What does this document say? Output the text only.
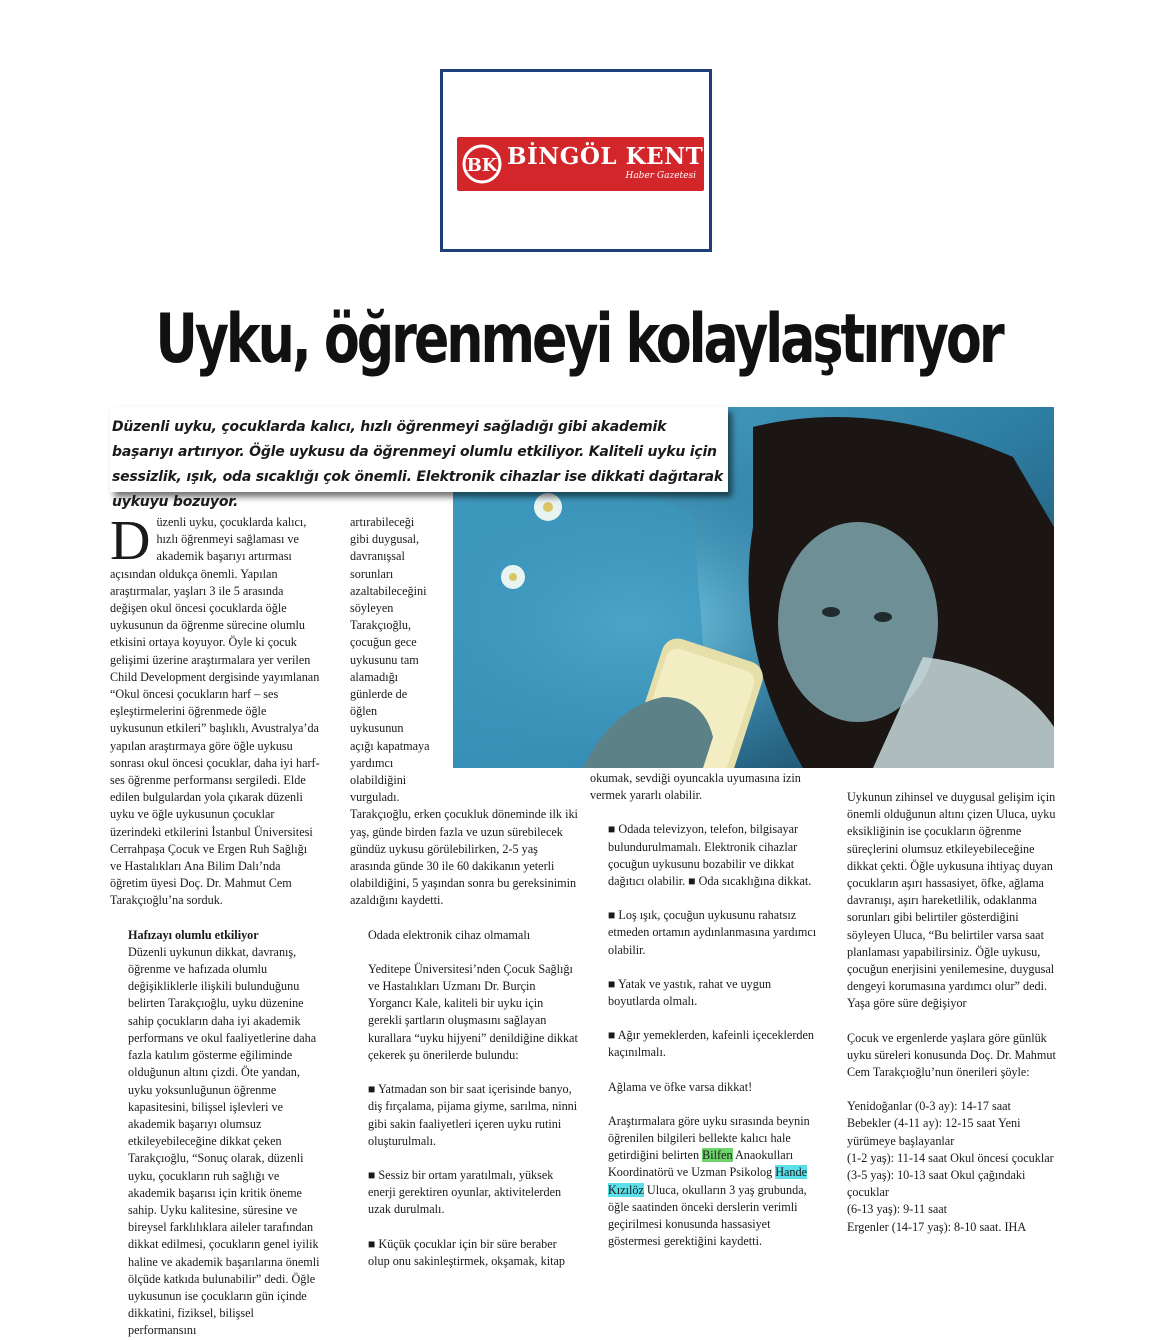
BK BİNGÖL KENT
Haber Gazetesi
Uyku, öğrenmeyi kolaylaştırıyor

Düzenli uyku, çocuklarda kalıcı, hızlı öğrenmeyi sağladığı gibi akademik başarıyı artırıyor. Öğle uykusu da öğrenmeyi olumlu etkiliyor. Kaliteli uyku için sessizlik, ışık, oda sıcaklığı çok önemli. Elektronik cihazlar ise dikkati dağıtarak uykuyu bozuyor.

Düzenli uyku, çocuklarda kalıcı, hızlı öğrenmeyi sağlaması ve akademik başarıyı artırması açısından oldukça önemli. Yapılan araştırmalar, yaşları 3 ile 5 arasında değişen okul öncesi çocuklarda öğle uykusunun da öğrenme sürecine olumlu etkisini ortaya koyuyor. Öyle ki çocuk gelişimi üzerine araştırmalara yer verilen Child Development dergisinde yayımlanan “Okul öncesi çocukların harf – ses eşleştirmelerini öğrenmede öğle uykusunun etkileri” başlıklı, Avustralya’da yapılan araştırmaya göre öğle uykusu sonrası okul öncesi çocuklar, daha iyi harf-ses öğrenme performansı sergiledi. Elde edilen bulgulardan yola çıkarak düzenli uyku ve öğle uykusunun çocuklar üzerindeki etkilerini İstanbul Üniversitesi Cerrahpaşa Çocuk ve Ergen Ruh Sağlığı ve Hastalıkları Ana Bilim Dalı’nda öğretim üyesi Doç. Dr. Mahmut Cem Tarakçıoğlu’na sorduk.

Hafızayı olumlu etkiliyor

Düzenli uykunun dikkat, davranış, öğrenme ve hafızada olumlu değişikliklerle ilişkili bulunduğunu belirten Tarakçıoğlu, uyku düzenine sahip çocukların daha iyi akademik performans ve okul faaliyetlerine daha fazla katılım gösterme eğiliminde olduğunun altını çizdi. Öte yandan, uyku yoksunluğunun öğrenme kapasitesini, bilişsel işlevleri ve akademik başarıyı olumsuz etkileyebileceğine dikkat çeken Tarakçıoğlu, “Sonuç olarak, düzenli uyku, çocukların ruh sağlığı ve akademik başarısı için kritik öneme sahip. Uyku kalitesine, süresine ve bireysel farklılıklara aileler tarafından dikkat edilmesi, çocukların genel iyilik haline ve akademik başarılarına önemli ölçüde katkıda bulunabilir” dedi. Öğle uykusunun ise çocukların gün içinde dikkatini, fiziksel, bilişsel performansını

artırabileceği gibi duygusal, davranışsal sorunları azaltabileceğini söyleyen Tarakçıoğlu, çocuğun gece uykusunu tam alamadığı günlerde de öğlen uykusunun açığı kapatmaya yardımcı olabildiğini vurguladı.

Tarakçıoğlu, erken çocukluk döneminde ilk iki yaş, günde birden fazla ve uzun sürebilecek gündüz uykusu görülebilirken, 2-5 yaş arasında günde 30 ile 60 dakikanın yeterli olabildiğini, 5 yaşından sonra bu gereksinimin azaldığını kaydetti.

Odada elektronik cihaz olmamalı

Yeditepe Üniversitesi’nden Çocuk Sağlığı ve Hastalıkları Uzmanı Dr. Burçin Yorgancı Kale, kaliteli bir uyku için gerekli şartların oluşmasını sağlayan kurallara “uyku hijyeni” denildiğine dikkat çekerek şu önerilerde bulundu:

■ Yatmadan son bir saat içerisinde banyo, diş fırçalama, pijama giyme, sarılma, ninni gibi sakin faaliyetleri içeren uyku rutini oluşturulmalı.

■ Sessiz bir ortam yaratılmalı, yüksek enerji gerektiren oyunlar, aktivitelerden uzak durulmalı.

■ Küçük çocuklar için bir süre beraber olup onu sakinleştirmek, okşamak, kitap

okumak, sevdiği oyuncakla uyumasına izin vermek yararlı olabilir.

■ Odada televizyon, telefon, bilgisayar bulundurulmamalı. Elektronik cihazlar çocuğun uykusunu bozabilir ve dikkat dağıtıcı olabilir. ■ Oda sıcaklığına dikkat.

■ Loş ışık, çocuğun uykusunu rahatsız etmeden ortamın aydınlanmasına yardımcı olabilir.

■ Yatak ve yastık, rahat ve uygun boyutlarda olmalı.

■ Ağır yemeklerden, kafeinli içeceklerden kaçınılmalı.

Ağlama ve öfke varsa dikkat!

Araştırmalara göre uyku sırasında beynin öğrenilen bilgileri bellekte kalıcı hale getirdiğini belirten Bilfen Anaokulları Koordinatörü ve Uzman Psikolog Hande Kızılöz Uluca, okulların 3 yaş grubunda, öğle saatinden önceki derslerin verimli geçirilmesi konusunda hassasiyet göstermesi gerektiğini kaydetti.

Uykunun zihinsel ve duygusal gelişim için önemli olduğunun altını çizen Uluca, uyku eksikliğinin ise çocukların öğrenme süreçlerini olumsuz etkileyebileceğine dikkat çekti. Öğle uykusuna ihtiyaç duyan çocukların aşırı hassasiyet, öfke, ağlama davranışı, aşırı hareketlilik, odaklanma sorunları gibi belirtiler gösterdiğini söyleyen Uluca, “Bu belirtiler varsa saat planlaması yapabilirsiniz. Öğle uykusu, çocuğun enerjisini yenilemesine, duygusal dengeyi korumasına yardımcı olur” dedi. Yaşa göre süre değişiyor

Çocuk ve ergenlerde yaşlara göre günlük uyku süreleri konusunda Doç. Dr. Mahmut Cem Tarakçıoğlu’nun önerileri şöyle:

Yenidoğanlar (0-3 ay): 14-17 saat

Bebekler (4-11 ay): 12-15 saat Yeni yürümeye başlayanlar

(1-2 yaş): 11-14 saat Okul öncesi çocuklar

(3-5 yaş): 10-13 saat Okul çağındaki çocuklar

(6-13 yaş): 9-11 saat

Ergenler (14-17 yaş): 8-10 saat. IHA
